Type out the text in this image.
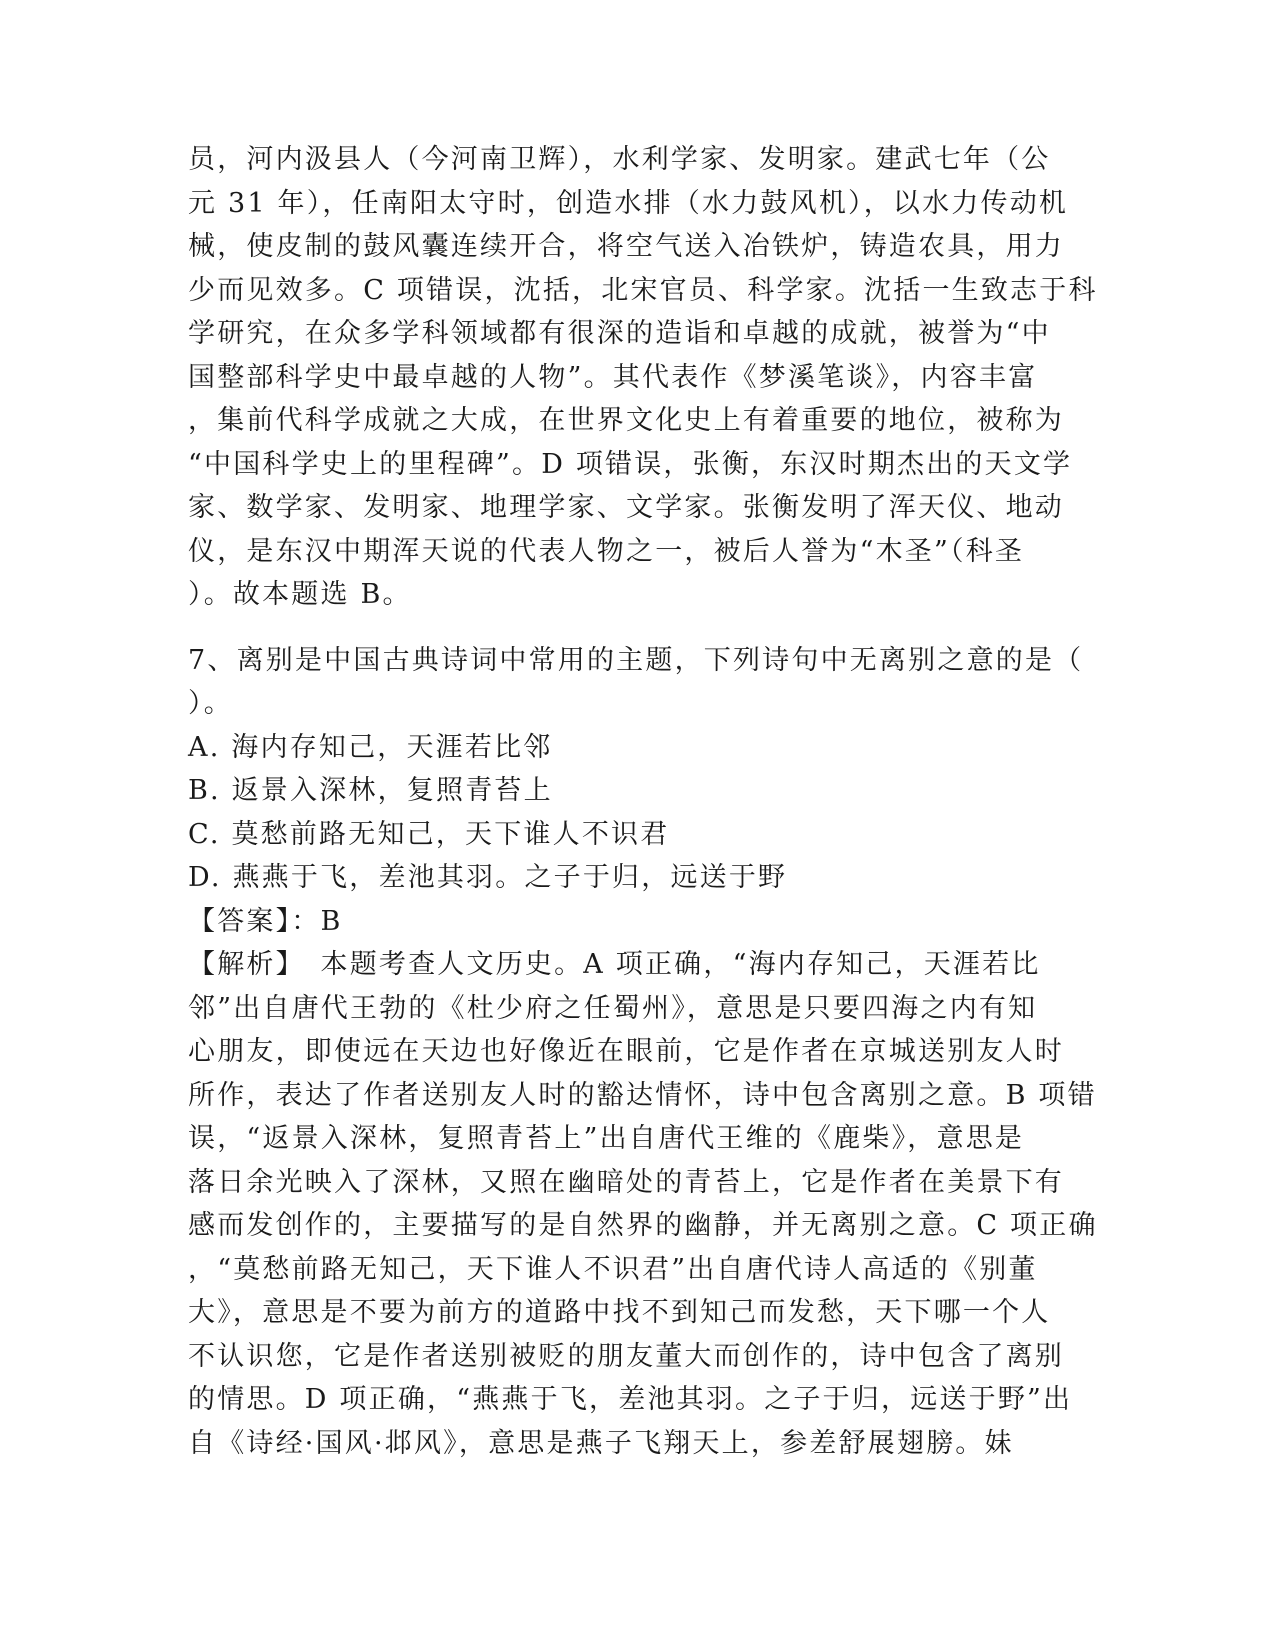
员，河内汲县人（今河南卫辉），水利学家、发明家。建武七年（公
元 31 年），任南阳太守时，创造水排（水力鼓风机），以水力传动机
械，使皮制的鼓风囊连续开合，将空气送入冶铁炉，铸造农具，用力
少而见效多。C 项错误，沈括，北宋官员、科学家。沈括一生致志于科
学研究，在众多学科领域都有很深的造诣和卓越的成就，被誉为“中
国整部科学史中最卓越的人物”。其代表作《梦溪笔谈》，内容丰富
，集前代科学成就之大成，在世界文化史上有着重要的地位，被称为
“中国科学史上的里程碑”。D 项错误，张衡，东汉时期杰出的天文学
家、数学家、发明家、地理学家、文学家。张衡发明了浑天仪、地动
仪，是东汉中期浑天说的代表人物之一，被后人誉为“木圣”（科圣
）。故本题选 B。
7、离别是中国古典诗词中常用的主题，下列诗句中无离别之意的是（
）。
A. 海内存知己，天涯若比邻
B. 返景入深林，复照青苔上
C. 莫愁前路无知己，天下谁人不识君
D. 燕燕于飞，差池其羽。之子于归，远送于野
【答案】：B
【解析】　本题考查人文历史。A 项正确，“海内存知己，天涯若比
邻”出自唐代王勃的《杜少府之任蜀州》，意思是只要四海之内有知
心朋友，即使远在天边也好像近在眼前，它是作者在京城送别友人时
所作，表达了作者送别友人时的豁达情怀，诗中包含离别之意。B 项错
误，“返景入深林，复照青苔上”出自唐代王维的《鹿柴》，意思是
落日余光映入了深林，又照在幽暗处的青苔上，它是作者在美景下有
感而发创作的，主要描写的是自然界的幽静，并无离别之意。C 项正确
，“莫愁前路无知己，天下谁人不识君”出自唐代诗人高适的《别董
大》，意思是不要为前方的道路中找不到知己而发愁，天下哪一个人
不认识您，它是作者送别被贬的朋友董大而创作的，诗中包含了离别
的情思。D 项正确，“燕燕于飞，差池其羽。之子于归，远送于野”出
自《诗经·国风·邶风》，意思是燕子飞翔天上，参差舒展翅膀。妹
